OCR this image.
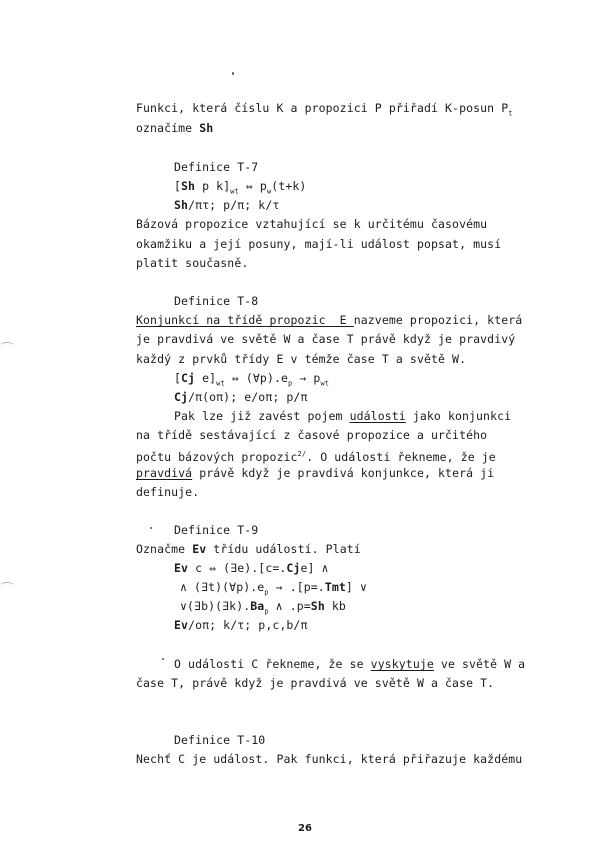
Funkci, která číslu K a propozici P přiřadí K-posun $P_t$
označíme Sh
Definice T-7
[Sh p $k]_{wt}$ ⇔ $p_w(t+k)$
Sh/πτ; p/π; k/τ
Bázová propozice vztahující se k určitému časovému
okamžiku a její posuny, mají-li událost popsat, musí
platit současně.
Definice T-8
Konjunkcí na třídě propozic  E nazveme propozici, která
je pravdivá ve světě W a čase T právě když je pravdivý
každý z prvků třídy E v témže čase T a světě W.
[Cj $e]_{wt}$ ⇔ $(\forall p).e_p \to p_{wt}$
Cj/π(oπ); e/oπ; p/π
Pak lze již zavést pojem události jako konjunkci
na třídě sestávající z časové propozice a určitého
počtu bázových propozic$^{2/}$. O události řekneme, že je
pravdivá právě když je pravdivá konjunkce, která ji
definuje.
Definice T-9
Označme Ev třídu událostí. Platí
Ev c ⇔ (∃e).[c=.Cje] ∧
∧ $(\exists t)(\forall p).e_p \to .[p=.Tmt]$ ∨
$\vee(\exists b)(\exists k).Ba_p$ ∧ .p=Sh kb
Ev/oπ; k/τ; p,c,b/π
O události C řekneme, že se vyskytuje ve světě W a
čase T, právě když je pravdivá ve světě W a čase T.
Definice T-10
Nechť C je událost. Pak funkci, která přiřazuje každému
26
